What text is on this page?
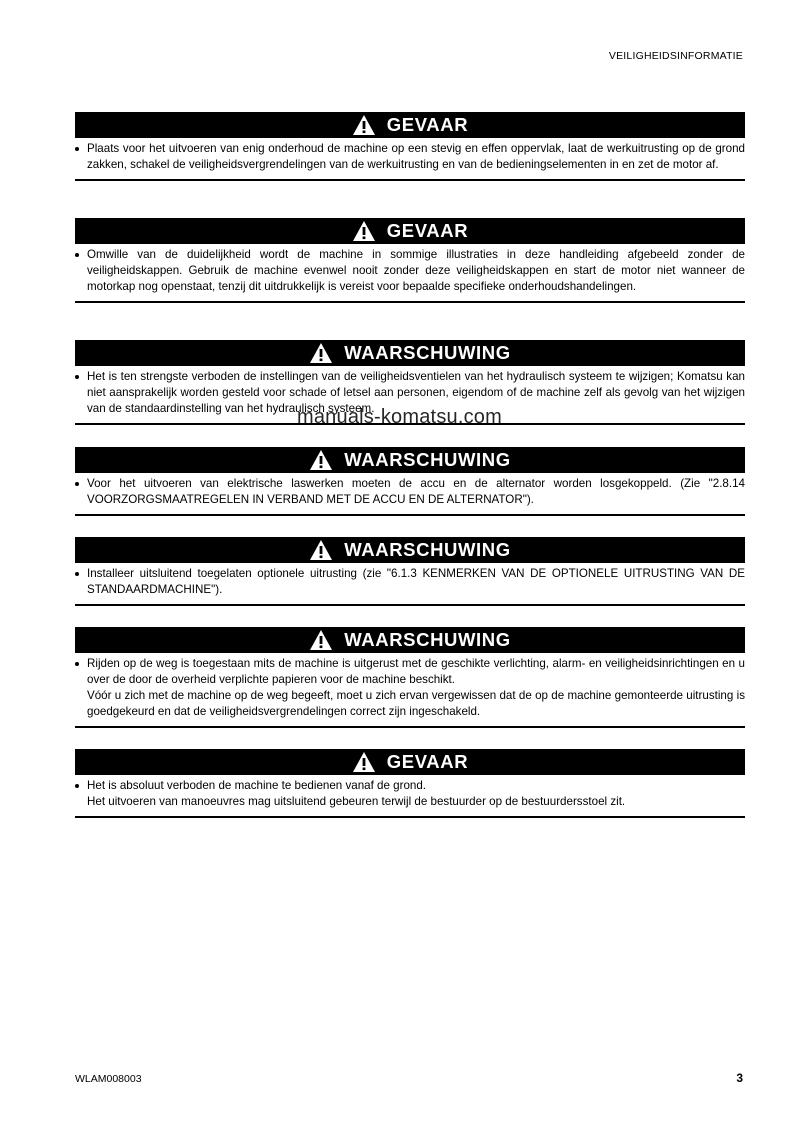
VEILIGHEIDSINFORMATIE
GEVAAR

Plaats voor het uitvoeren van enig onderhoud de machine op een stevig en effen oppervlak, laat de werkuitrusting op de grond zakken, schakel de veiligheidsvergrendelingen van de werkuitrusting en van de bedieningselementen in en zet de motor af.

GEVAAR

Omwille van de duidelijkheid wordt de machine in sommige illustraties in deze handleiding afgebeeld zonder de veiligheidskappen. Gebruik de machine evenwel nooit zonder deze veiligheidskappen en start de motor niet wanneer de motorkap nog openstaat, tenzij dit uitdrukkelijk is vereist voor bepaalde specifieke onderhoudshandelingen.

WAARSCHUWING

Het is ten strengste verboden de instellingen van de veiligheidsventielen van het hydraulisch systeem te wijzigen; Komatsu kan niet aansprakelijk worden gesteld voor schade of letsel aan personen, eigendom of de machine zelf als gevolg van het wijzigen van de standaardinstelling van het hydraulisch systeem.

WAARSCHUWING

Voor het uitvoeren van elektrische laswerken moeten de accu en de alternator worden losgekoppeld. (Zie "2.8.14 VOORZORGSMAATREGELEN IN VERBAND MET DE ACCU EN DE ALTERNATOR").

WAARSCHUWING

Installeer uitsluitend toegelaten optionele uitrusting (zie "6.1.3 KENMERKEN VAN DE OPTIONELE UITRUSTING VAN DE STANDAARDMACHINE").

WAARSCHUWING

Rijden op de weg is toegestaan mits de machine is uitgerust met de geschikte verlichting, alarm- en veiligheidsinrichtingen en u over de door de overheid verplichte papieren voor de machine beschikt.

Vóór u zich met de machine op de weg begeeft, moet u zich ervan vergewissen dat de op de machine gemonteerde uitrusting is goedgekeurd en dat de veiligheidsvergrendelingen correct zijn ingeschakeld.

GEVAAR

Het is absoluut verboden de machine te bedienen vanaf de grond.

Het uitvoeren van manoeuvres mag uitsluitend gebeuren terwijl de bestuurder op de bestuurdersstoel zit.

manuals-komatsu.com
WLAM008003	3
